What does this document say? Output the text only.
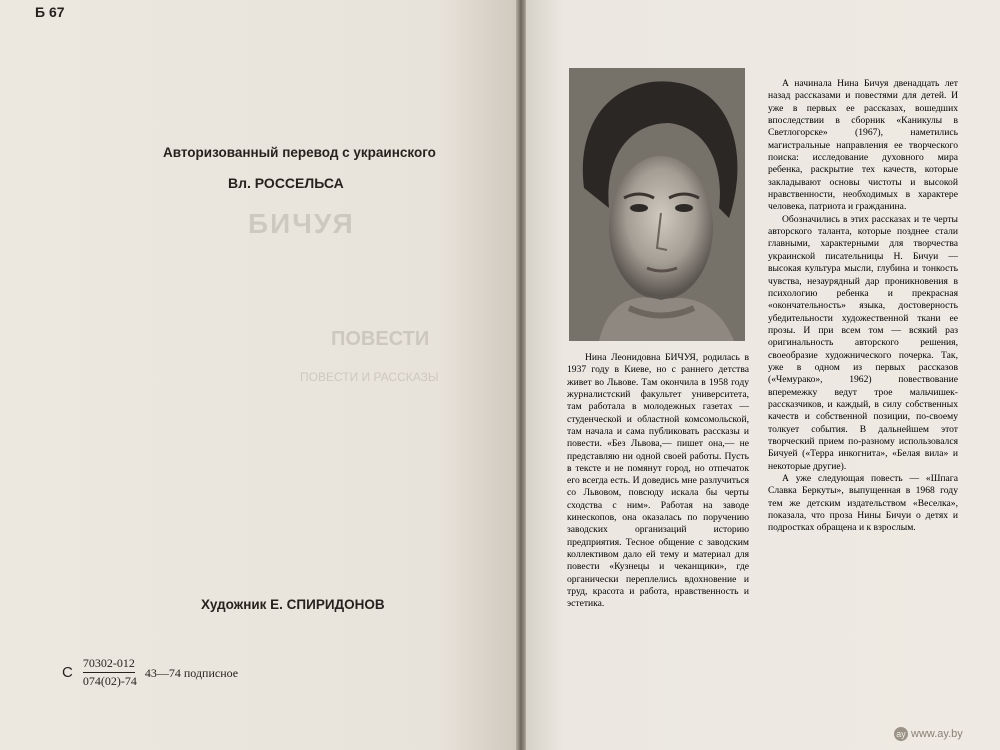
БИЧУЯ
ПОВЕСТИ
ПОВЕСТИ И РАССКАЗЫ
Б 67
Авторизованный перевод с украинского
Вл. РОССЕЛЬСА
Художник Е. СПИРИДОНОВ
С $\frac{70302-012}{074(02)-74}$ 43—74 подписное

Нина Леонидовна БИЧУЯ, родилась в 1937 году в Киеве, но с раннего детства живет во Львове. Там окончила в 1958 году журналистский факультет университета, там работала в молодежных газетах — студенческой и областной комсомольской, там начала и сама публиковать рассказы и повести. «Без Львова,— пишет она,— не представляю ни одной своей работы. Пусть в тексте и не помянут город, но отпечаток его всегда есть. И доведись мне разлучиться со Львовом, повсюду искала бы черты сходства с ним». Работая на заводе кинескопов, она оказалась по поручению заводских организаций историю предприятия. Тесное общение с заводским коллективом дало ей тему и материал для повести «Кузнецы и чеканщики», где органически переплелись вдохновение и труд, красота и работа, нравственность и эстетика.

А начинала Нина Бичуя двенадцать лет назад рассказами и повестями для детей. И уже в первых ее рассказах, вошедших впоследствии в сборник «Каникулы в Светлогорске» (1967), наметились магистральные направления ее творческого поиска: исследование духовного мира ребенка, раскрытие тех качеств, которые закладывают основы чистоты и высокой нравственности, необходимых в характере человека, патриота и гражданина.

Обозначились в этих рассказах и те черты авторского таланта, которые позднее стали главными, характерными для творчества украинской писательницы Н. Бичуи — высокая культура мысли, глубина и тонкость чувства, незаурядный дар проникновения в психологию ребенка и прекрасная «окончательность» языка, достоверность убедительности художественной ткани ее прозы. И при всем том — всякий раз оригинальность авторского решения, своеобразие художнического почерка. Так, уже в одном из первых рассказов («Чемурако», 1962) повествование вперемежку ведут трое мальчишек-рассказчиков, и каждый, в силу собственных качеств и собственной позиции, по-своему толкует события. В дальнейшем этот творческий прием по-разному использовался Бичуей («Терра инкогнита», «Белая вила» и некоторые другие).

А уже следующая повесть — «Шпага Славка Беркуты», выпущенная в 1968 году тем же детским издательством «Веселка», показала, что проза Нины Бичуи о детях и подростках обращена и к взрослым.

ay www.ay.by
